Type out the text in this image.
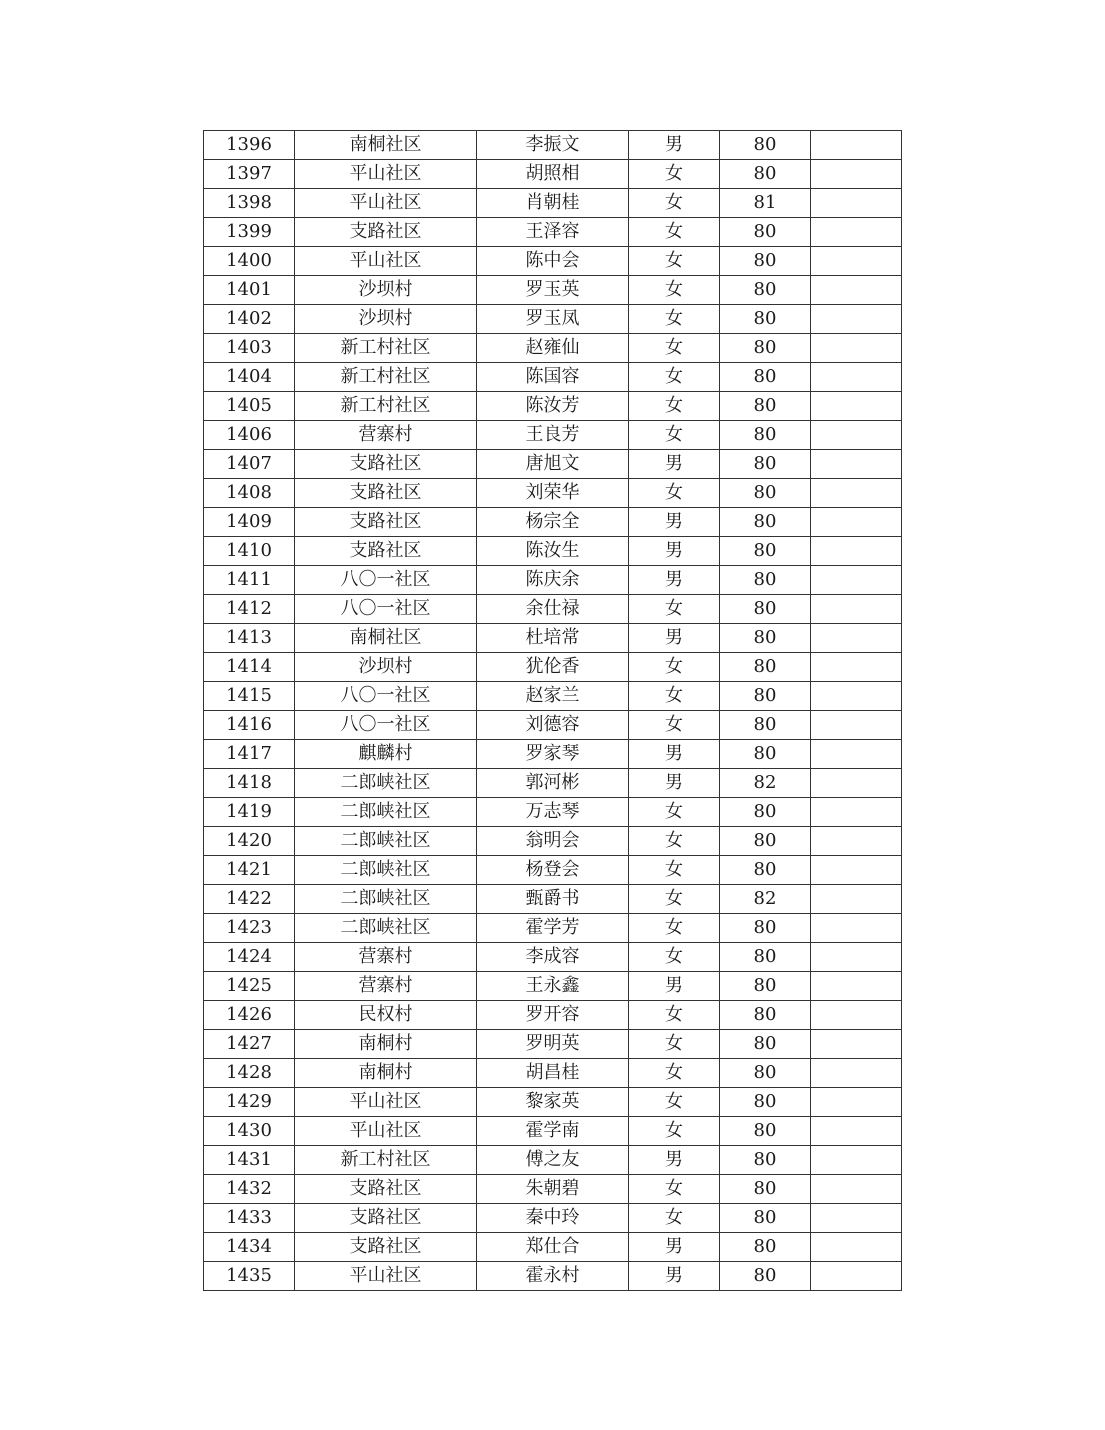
1396	南桐社区	李振文	男	80	
1397	平山社区	胡照相	女	80	
1398	平山社区	肖朝桂	女	81	
1399	支路社区	王泽容	女	80	
1400	平山社区	陈中会	女	80	
1401	沙坝村	罗玉英	女	80	
1402	沙坝村	罗玉凤	女	80	
1403	新工村社区	赵雍仙	女	80	
1404	新工村社区	陈国容	女	80	
1405	新工村社区	陈汝芳	女	80	
1406	营寨村	王良芳	女	80	
1407	支路社区	唐旭文	男	80	
1408	支路社区	刘荣华	女	80	
1409	支路社区	杨宗全	男	80	
1410	支路社区	陈汝生	男	80	
1411	八〇一社区	陈庆余	男	80	
1412	八〇一社区	余仕禄	女	80	
1413	南桐社区	杜培常	男	80	
1414	沙坝村	犹伦香	女	80	
1415	八〇一社区	赵家兰	女	80	
1416	八〇一社区	刘德容	女	80	
1417	麒麟村	罗家琴	男	80	
1418	二郎峡社区	郭河彬	男	82	
1419	二郎峡社区	万志琴	女	80	
1420	二郎峡社区	翁明会	女	80	
1421	二郎峡社区	杨登会	女	80	
1422	二郎峡社区	甄爵书	女	82	
1423	二郎峡社区	霍学芳	女	80	
1424	营寨村	李成容	女	80	
1425	营寨村	王永鑫	男	80	
1426	民权村	罗开容	女	80	
1427	南桐村	罗明英	女	80	
1428	南桐村	胡昌桂	女	80	
1429	平山社区	黎家英	女	80	
1430	平山社区	霍学南	女	80	
1431	新工村社区	傅之友	男	80	
1432	支路社区	朱朝碧	女	80	
1433	支路社区	秦中玲	女	80	
1434	支路社区	郑仕合	男	80	
1435	平山社区	霍永村	男	80	
